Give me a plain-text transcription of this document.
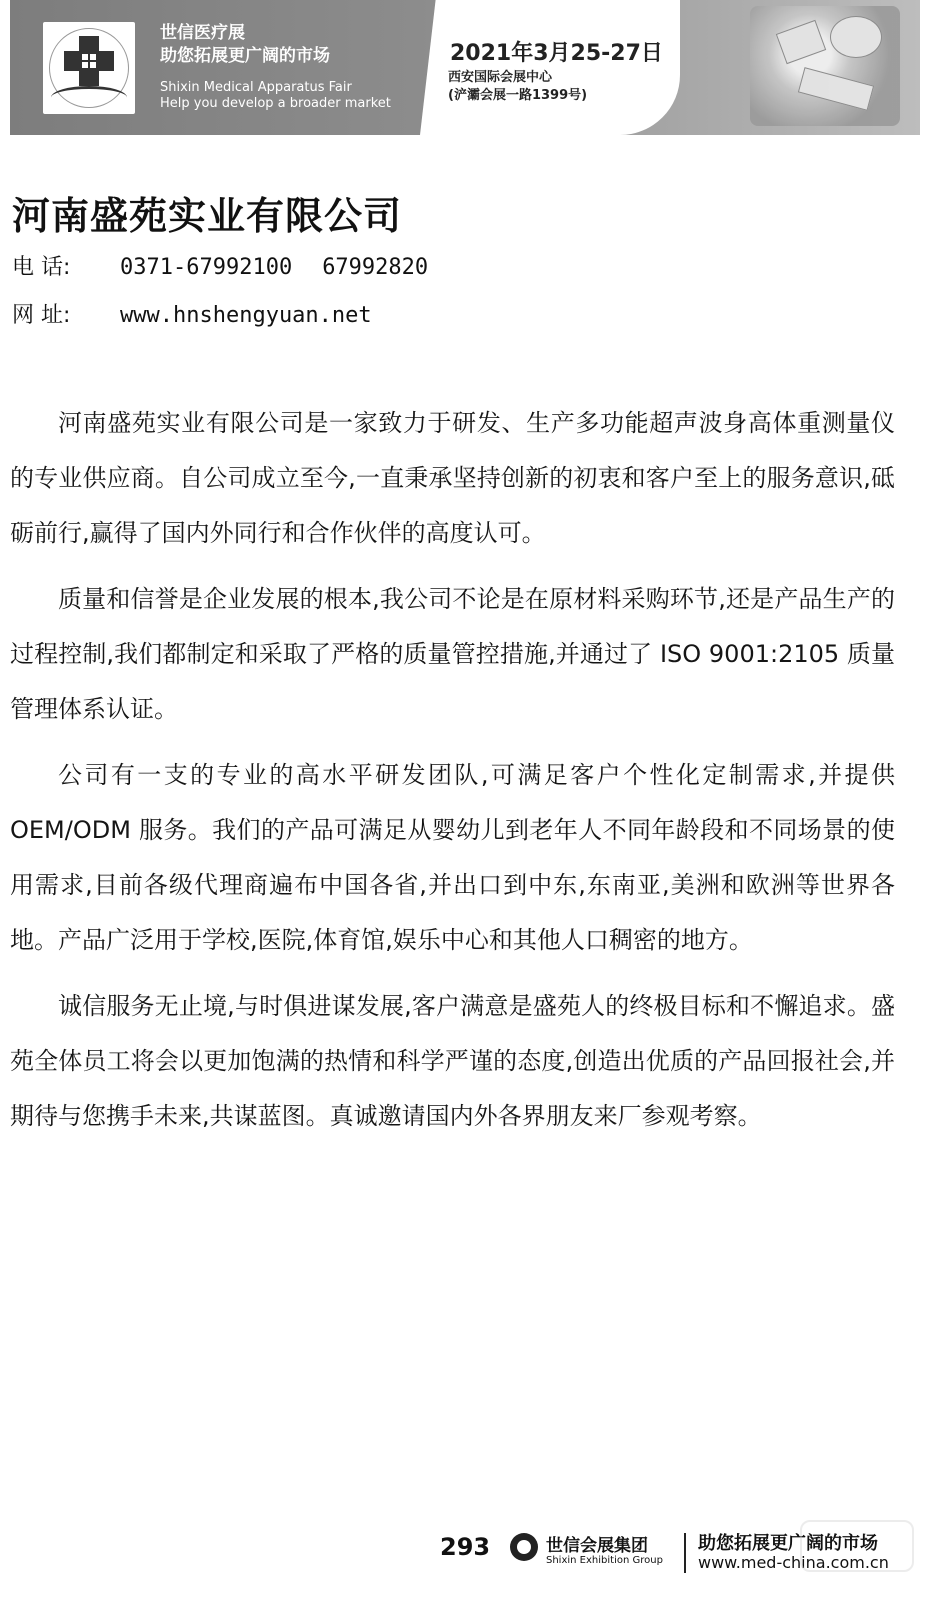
世信医疗展
助您拓展更广阔的市场
Shixin Medical Apparatus Fair
Help you develop a broader market
2021年3月25-27日
西安国际会展中心
(浐灞会展一路1399号)
河南盛苑实业有限公司
电 话: 0371-67992100 67992820
网 址: www.hnshengyuan.net

河南盛苑实业有限公司是一家致力于研发、生产多功能超声波身高体重测量仪的专业供应商。自公司成立至今,一直秉承坚持创新的初衷和客户至上的服务意识,砥砺前行,赢得了国内外同行和合作伙伴的高度认可。

质量和信誉是企业发展的根本,我公司不论是在原材料采购环节,还是产品生产的过程控制,我们都制定和采取了严格的质量管控措施,并通过了 ISO 9001:2105 质量管理体系认证。

公司有一支的专业的高水平研发团队,可满足客户个性化定制需求,并提供 OEM/ODM 服务。我们的产品可满足从婴幼儿到老年人不同年龄段和不同场景的使用需求,目前各级代理商遍布中国各省,并出口到中东,东南亚,美洲和欧洲等世界各地。产品广泛用于学校,医院,体育馆,娱乐中心和其他人口稠密的地方。

诚信服务无止境,与时俱进谋发展,客户满意是盛苑人的终极目标和不懈追求。盛苑全体员工将会以更加饱满的热情和科学严谨的态度,创造出优质的产品回报社会,并期待与您携手未来,共谋蓝图。真诚邀请国内外各界朋友来厂参观考察。

293	世信会展集团
Shixin Exhibition Group
助您拓展更广阔的市场
www.med-china.com.cn
